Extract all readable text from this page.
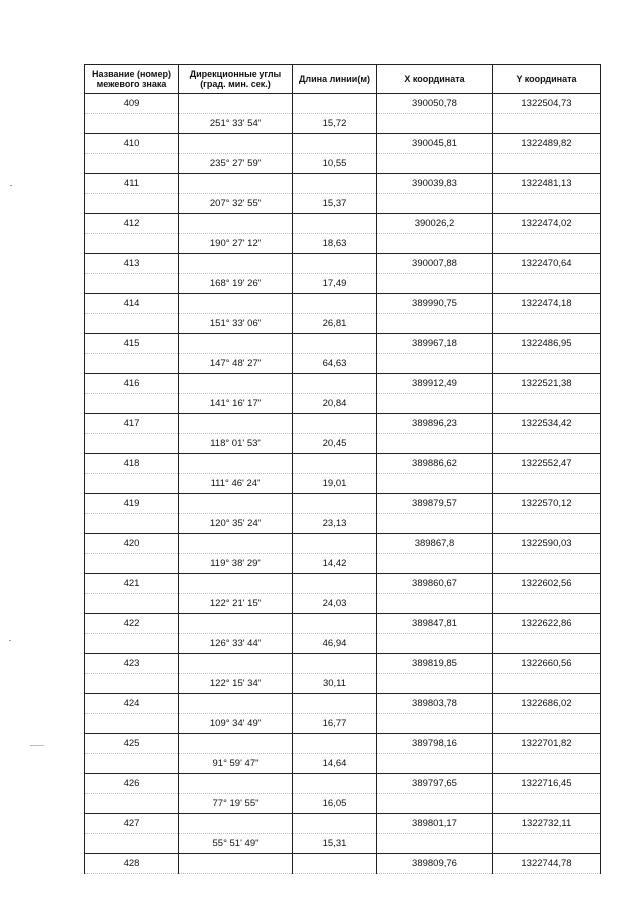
Название (номер) межевого знака	Дирекционные углы (град. мин. сек.)	Длина линии(м)	X координата	Y координата
409			390050,78	1322504,73
	251° 33' 54"	15,72		
410			390045,81	1322489,82
	235° 27' 59"	10,55		
411			390039,83	1322481,13
	207° 32' 55"	15,37		
412			390026,2	1322474,02
	190° 27' 12"	18,63		
413			390007,88	1322470,64
	168° 19' 26"	17,49		
414			389990,75	1322474,18
	151° 33' 06"	26,81		
415			389967,18	1322486,95
	147° 48' 27"	64,63		
416			389912,49	1322521,38
	141° 16' 17"	20,84		
417			389896,23	1322534,42
	118° 01' 53"	20,45		
418			389886,62	1322552,47
	111° 46' 24"	19,01		
419			389879,57	1322570,12
	120° 35' 24"	23,13		
420			389867,8	1322590,03
	119° 38' 29"	14,42		
421			389860,67	1322602,56
	122° 21' 15"	24,03		
422			389847,81	1322622,86
	126° 33' 44"	46,94		
423			389819,85	1322660,56
	122° 15' 34"	30,11		
424			389803,78	1322686,02
	109° 34' 49"	16,77		
425			389798,16	1322701,82
	91° 59' 47"	14,64		
426			389797,65	1322716,45
	77° 19' 55"	16,05		
427			389801,17	1322732,11
	55° 51' 49"	15,31		
428			389809,76	1322744,78
